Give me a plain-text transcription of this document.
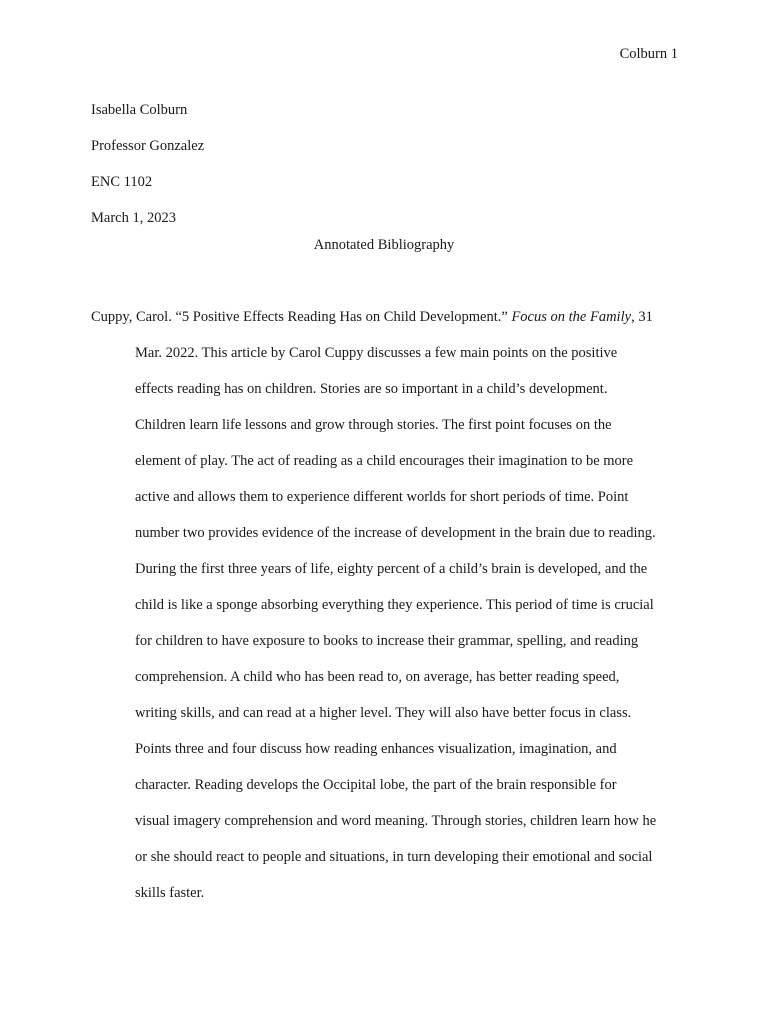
Colburn 1
Isabella Colburn
Professor Gonzalez
ENC 1102
March 1, 2023
Annotated Bibliography
Cuppy, Carol. “5 Positive Effects Reading Has on Child Development.” Focus on the Family, 31
Mar. 2022. This article by Carol Cuppy discusses a few main points on the positive
effects reading has on children. Stories are so important in a child’s development.
Children learn life lessons and grow through stories. The first point focuses on the
element of play. The act of reading as a child encourages their imagination to be more
active and allows them to experience different worlds for short periods of time. Point
number two provides evidence of the increase of development in the brain due to reading.
During the first three years of life, eighty percent of a child’s brain is developed, and the
child is like a sponge absorbing everything they experience. This period of time is crucial
for children to have exposure to books to increase their grammar, spelling, and reading
comprehension. A child who has been read to, on average, has better reading speed,
writing skills, and can read at a higher level. They will also have better focus in class.
Points three and four discuss how reading enhances visualization, imagination, and
character. Reading develops the Occipital lobe, the part of the brain responsible for
visual imagery comprehension and word meaning. Through stories, children learn how he
or she should react to people and situations, in turn developing their emotional and social
skills faster.
